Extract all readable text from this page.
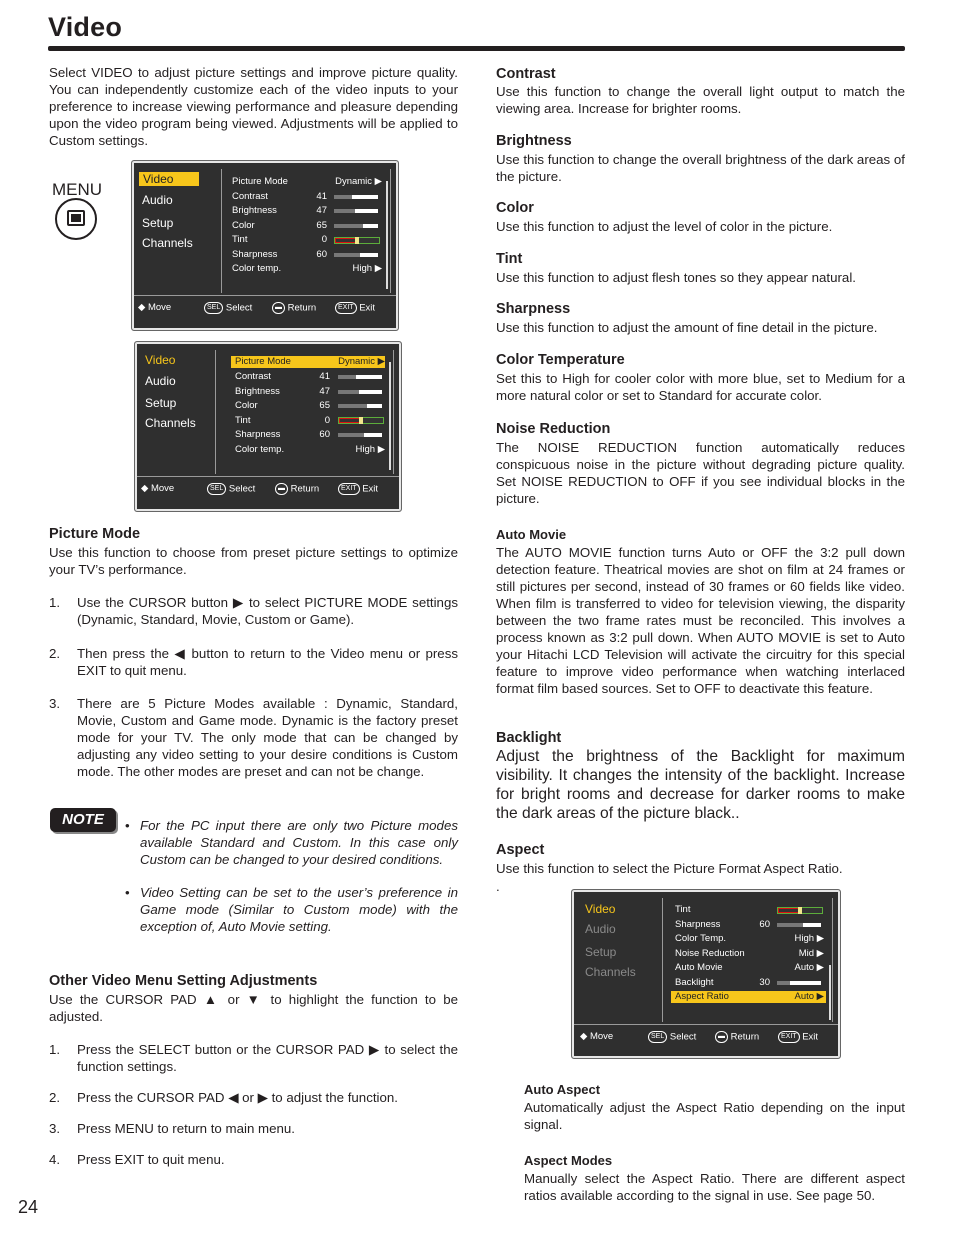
Video
Select VIDEO to adjust picture settings and improve picture quality. You can independently customize each of the video inputs to your preference to increase viewing performance and pleasure depending upon the video program being viewed. Adjustments will be applied to Custom settings.
MENU
Video
Audio
Setup
Channels
Picture Mode	Dynamic ▶
Contrast	41
Brightness	47
Color	65
Tint	0
Sharpness	60
Color temp.	High ▶
◆ Move	SEL Select	▬ Return	EXIT Exit
Video
Audio
Setup
Channels
Picture Mode	Dynamic ▶
Contrast	41
Brightness	47
Color	65
Tint	0
Sharpness	60
Color temp.	High ▶
◆ Move	SEL Select	▬ Return	EXIT Exit
Picture Mode
Use this function to choose from preset picture settings to optimize your TV’s performance.
1. Use the CURSOR button ▶ to select PICTURE MODE settings (Dynamic, Standard, Movie, Custom or Game).
2. Then press the ◀ button to return to the Video menu or press EXIT to quit menu.
3. There are 5 Picture Modes available : Dynamic, Standard, Movie, Custom and Game mode. Dynamic is the factory preset mode for your TV. The only mode that can be changed by adjusting any video setting to your desire conditions is Custom mode. The other modes are preset and can not be change.
NOTE	• For the PC input there are only two Picture modes available Standard and Custom. In this case only Custom can be changed to your desired conditions.
• Video Setting can be set to the user’s preference in Game mode (Similar to Custom mode) with the exception of, Auto Movie setting.
Other Video Menu Setting Adjustments
Use the CURSOR PAD ▲ or ▼ to highlight the function to be adjusted.
1. Press the SELECT button or the CURSOR PAD ▶ to select the function settings.
2. Press the CURSOR PAD ◀ or ▶ to adjust the function.
3. Press MENU to return to main menu.
4. Press EXIT to quit menu.
24
Contrast
Use this function to change the overall light output to match the viewing area. Increase for brighter rooms.
Brightness
Use this function to change the overall brightness of the dark areas of the picture.
Color
Use this function to adjust the level of color in the picture.
Tint
Use this function to adjust flesh tones so they appear natural.
Sharpness
Use this function to adjust the amount of fine detail in the picture.
Color Temperature
Set this to High for cooler color with more blue, set to Medium for a more natural color or set to Standard for accurate color.
Noise Reduction
The NOISE REDUCTION function automatically reduces conspicuous noise in the picture without degrading picture quality. Set NOISE REDUCTION to OFF if you see individual blocks in the picture.
Auto Movie
The AUTO MOVIE function turns Auto or OFF the 3:2 pull down detection feature. Theatrical movies are shot on film at 24 frames or still pictures per second, instead of 30 frames or 60 fields like video. When film is transferred to video for television viewing, the disparity between the two frame rates must be reconciled. This involves a process known as 3:2 pull down. When AUTO MOVIE is set to Auto your Hitachi LCD Television will activate the circuitry for this special feature to improve video performance when watching interlaced format film based sources. Set to OFF to deactivate this feature.
Backlight
Adjust the brightness of the Backlight for maximum visibility. It changes the intensity of the backlight. Increase for bright rooms and decrease for darker rooms to make the dark areas of the picture black..
Aspect
Use this function to select the Picture Format Aspect Ratio.
.
Video
Audio
Setup
Channels
Tint
Sharpness	60
Color Temp.	High ▶
Noise Reduction	Mid ▶
Auto Movie	Auto ▶
Backlight	30
Aspect Ratio	Auto ▶
◆ Move	SEL Select	▬ Return	EXIT Exit
Auto Aspect
Automatically adjust the Aspect Ratio depending on the input signal.
Aspect Modes
Manually select the Aspect Ratio. There are different aspect ratios available according to the signal in use. See page 50.
